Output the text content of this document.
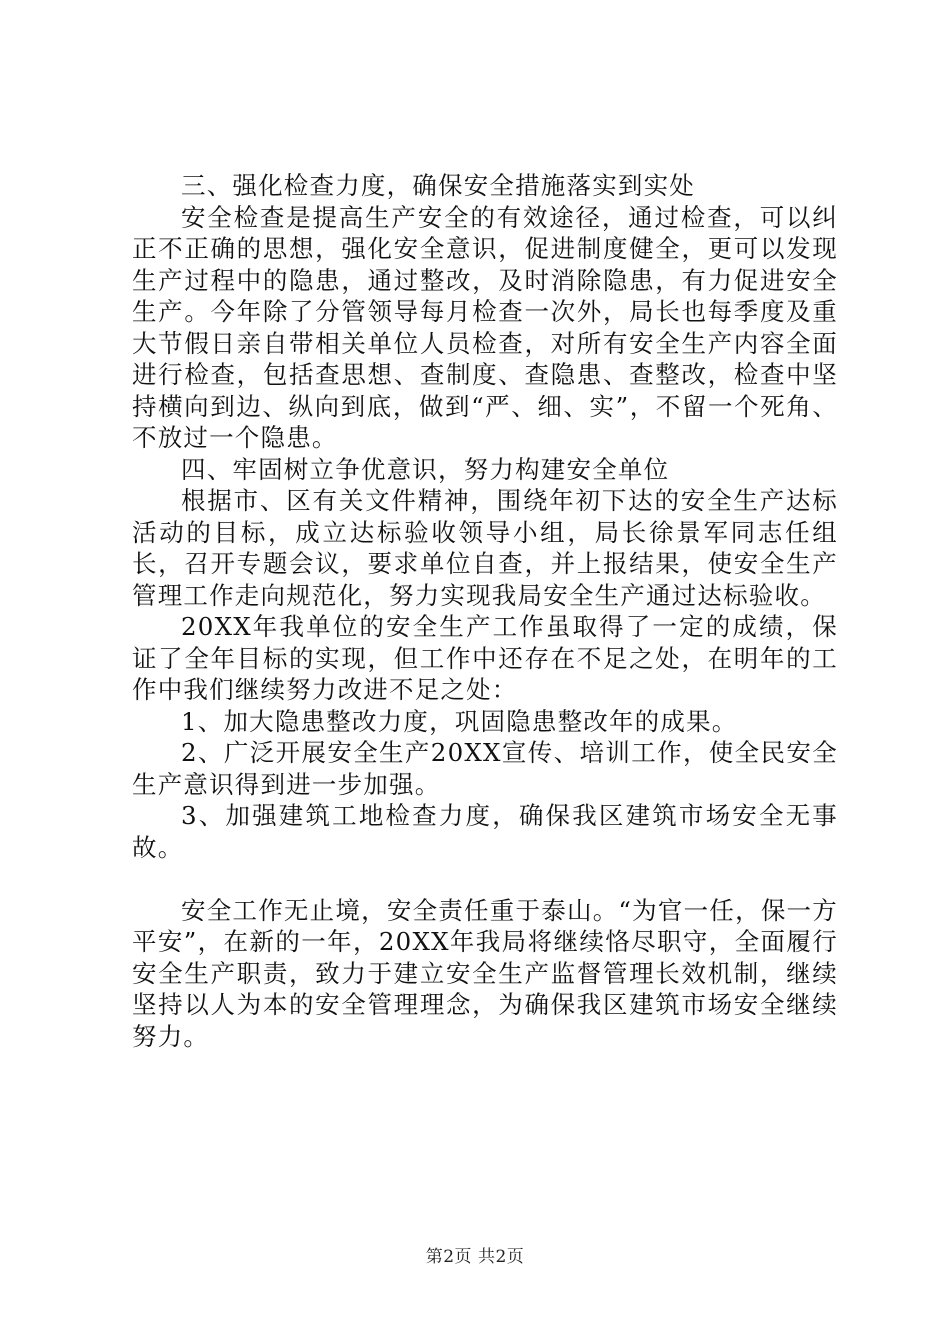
三、强化检查力度，确保安全措施落实到实处

安全检查是提高生产安全的有效途径，通过检查，可以纠正不正确的思想，强化安全意识，促进制度健全，更可以发现生产过程中的隐患，通过整改，及时消除隐患，有力促进安全生产。今年除了分管领导每月检查一次外，局长也每季度及重大节假日亲自带相关单位人员检查，对所有安全生产内容全面进行检查，包括查思想、查制度、查隐患、查整改，检查中坚持横向到边、纵向到底，做到“严、细、实”，不留一个死角、不放过一个隐患。

四、牢固树立争优意识，努力构建安全单位

根据市、区有关文件精神，围绕年初下达的安全生产达标活动的目标，成立达标验收领导小组，局长徐景军同志任组长，召开专题会议，要求单位自查，并上报结果，使安全生产管理工作走向规范化，努力实现我局安全生产通过达标验收。

20XX年我单位的安全生产工作虽取得了一定的成绩，保证了全年目标的实现，但工作中还存在不足之处，在明年的工作中我们继续努力改进不足之处：

1、加大隐患整改力度，巩固隐患整改年的成果。

2、广泛开展安全生产20XX宣传、培训工作，使全民安全生产意识得到进一步加强。

3、加强建筑工地检查力度，确保我区建筑市场安全无事故。

安全工作无止境，安全责任重于泰山。“为官一任，保一方平安”，在新的一年，20XX年我局将继续恪尽职守，全面履行安全生产职责，致力于建立安全生产监督管理长效机制，继续坚持以人为本的安全管理理念，为确保我区建筑市场安全继续努力。

第2页 共2页
